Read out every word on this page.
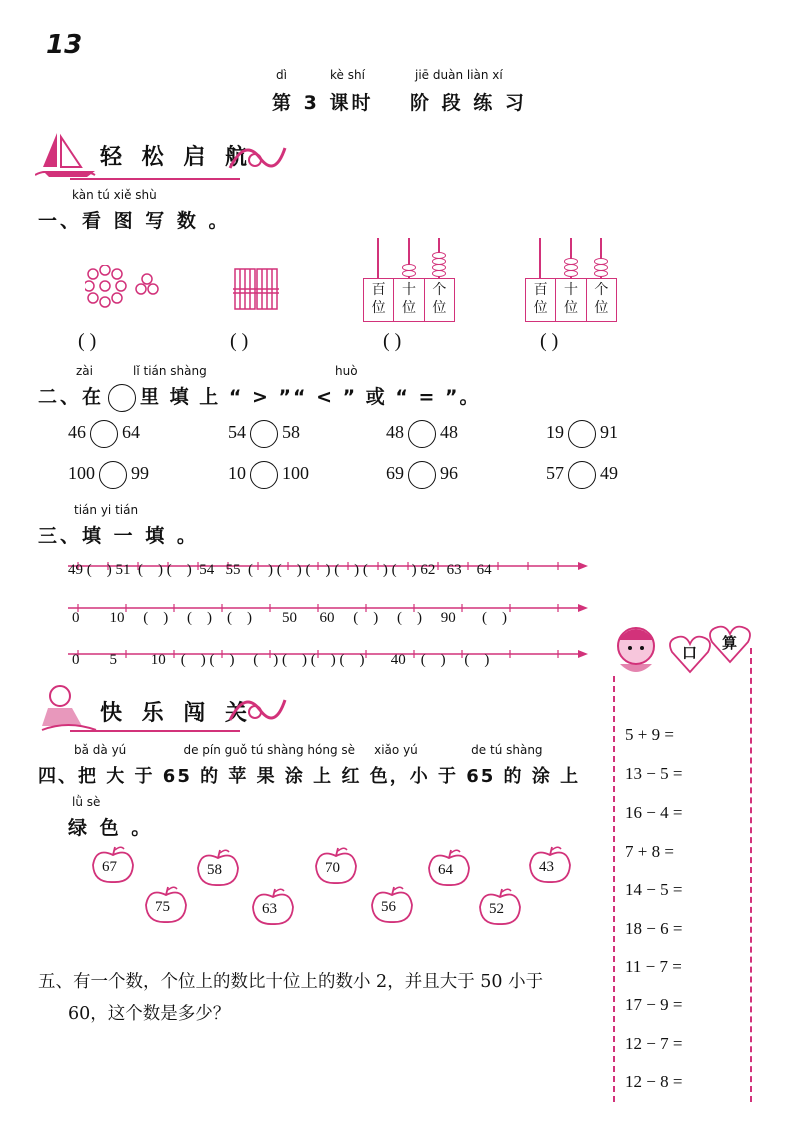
13
dì	kè shí	jiē duàn liàn xí
第 3 课时 阶 段 练 习
轻 松 启 航
kàn tú xiě shù
一、看 图 写 数 。
百
位
十
位
个
位
百
位
十
位
个
位
( )	( )	( )	( )
zài	lǐ tián shàng	huò
二、在 里 填 上 “ > ”“ < ” 或 “ = ”。
46 64	54 58	48 48	19 91
100 99	10 100	69 96	57 49
tián yi tián
三、填 一 填 。
49 (    ) 51  (    ) (    )  54   55  (    ) (    ) (    ) (    ) (    ) (    ) 62   63    64
0        10     (    )     (    )    (    )        50      60     (    )     (    )     90       (    )
0        5         10    (    ) (    )     (    ) (    ) (    ) (    )       40    (    )     (    )
快 乐 闯 关
bǎ dà yú               de pín guǒ tú shàng hóng sè     xiǎo yú              de tú shàng
四、把 大 于 65 的 苹 果 涂 上 红 色，小 于 65 的 涂 上
lǜ sè
绿 色 。
67	58	70	64	43
75	63	56	52
五、有一个数，个位上的数比十位上的数小 2，并且大于 50 小于
60，这个数是多少？
口
算
5 + 9 =
13 − 5 =
16 − 4 =
7 + 8 =
14 − 5 =
18 − 6 =
11 − 7 =
17 − 9 =
12 − 7 =
12 − 8 =
